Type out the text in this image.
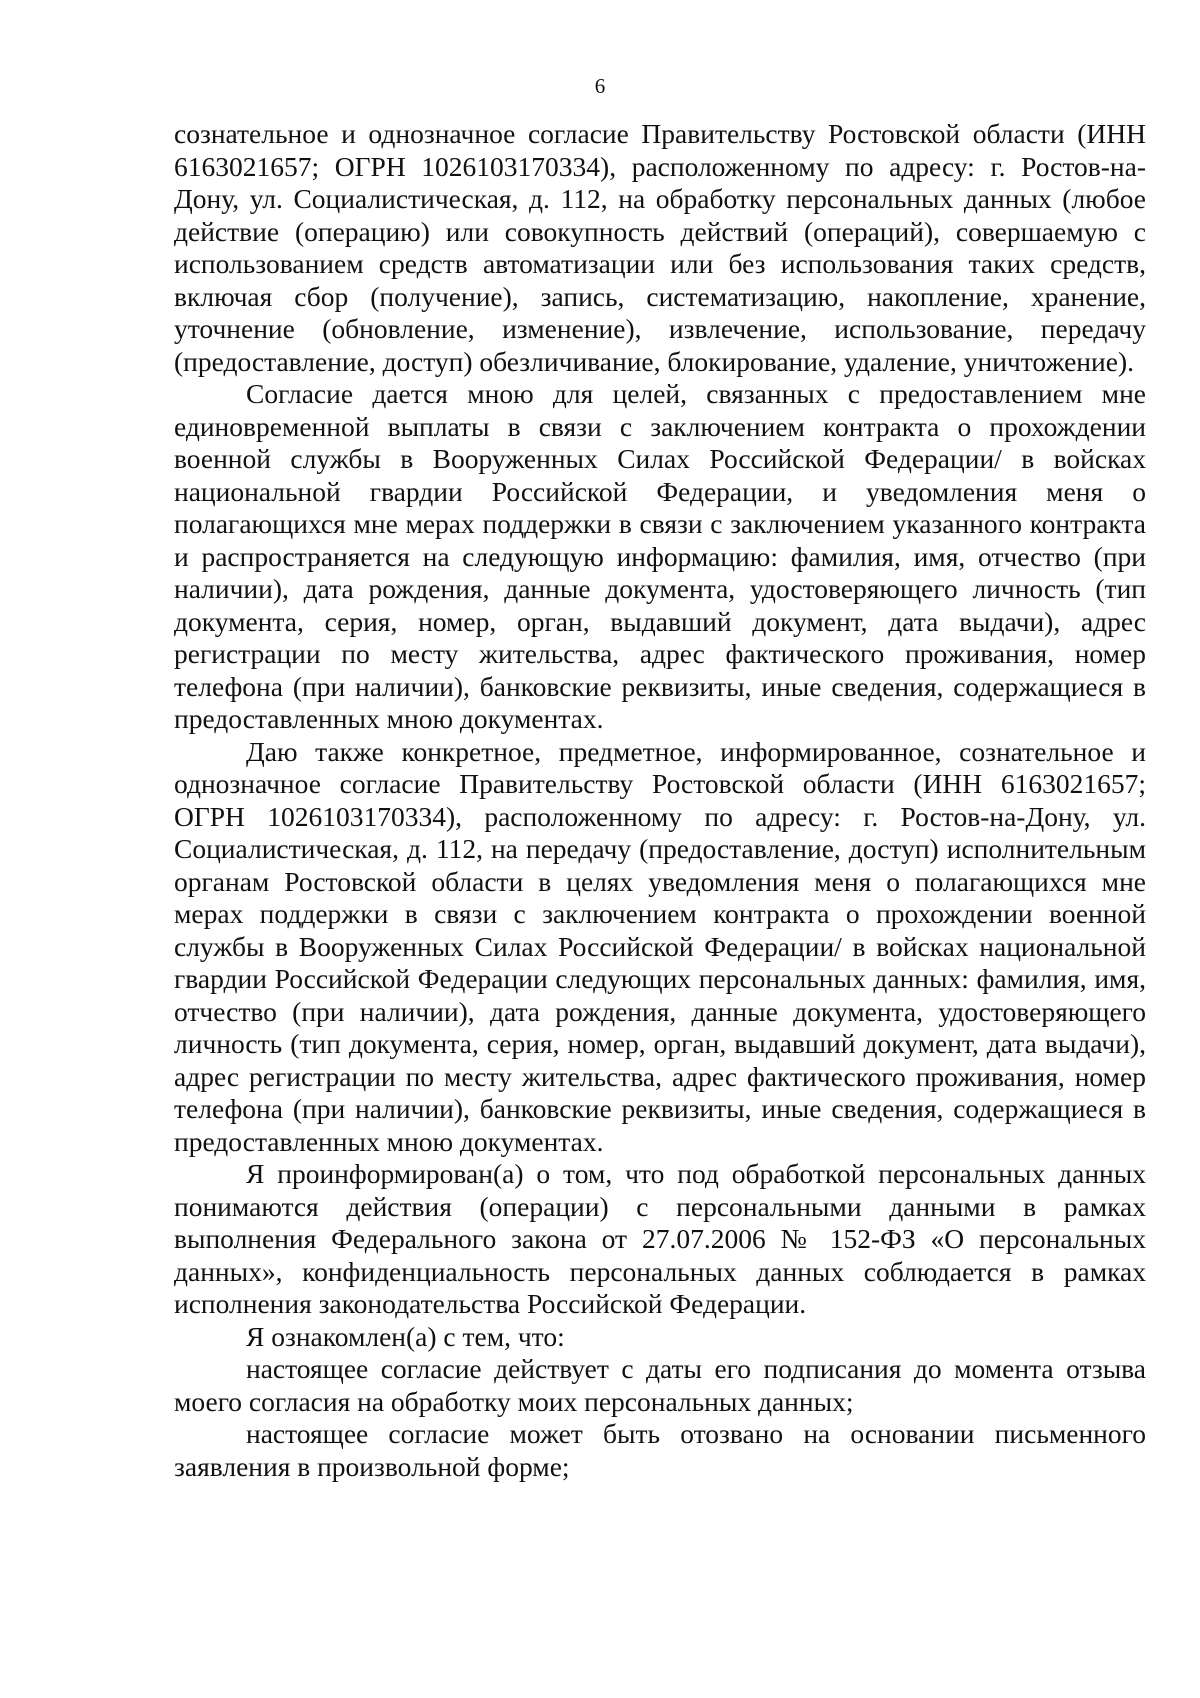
6

сознательное и однозначное согласие Правительству Ростовской области (ИНН 6163021657; ОГРН 1026103170334), расположенному по адресу: г. Ростов-на-Дону, ул. Социалистическая, д. 112, на обработку персональных данных (любое действие (операцию) или совокупность действий (операций), совершаемую с использованием средств автоматизации или без использования таких средств, включая сбор (получение), запись, систематизацию, накопление, хранение, уточнение (обновление, изменение), извлечение, использование, передачу (предоставление, доступ) обезличивание, блокирование, удаление, уничтожение).

Согласие дается мною для целей, связанных с предоставлением мне единовременной выплаты в связи с заключением контракта о прохождении военной службы в Вооруженных Силах Российской Федерации/ в войсках национальной гвардии Российской Федерации, и уведомления меня о полагающихся мне мерах поддержки в связи с заключением указанного контракта и распространяется на следующую информацию: фамилия, имя, отчество (при наличии), дата рождения, данные документа, удостоверяющего личность (тип документа, серия, номер, орган, выдавший документ, дата выдачи), адрес регистрации по месту жительства, адрес фактического проживания, номер телефона (при наличии), банковские реквизиты, иные сведения, содержащиеся в предоставленных мною документах.

Даю также конкретное, предметное, информированное, сознательное и однозначное согласие Правительству Ростовской области (ИНН 6163021657; ОГРН 1026103170334), расположенному по адресу: г. Ростов-на-Дону, ул. Социалистическая, д. 112, на передачу (предоставление, доступ) исполнительным органам Ростовской области в целях уведомления меня о полагающихся мне мерах поддержки в связи с заключением контракта о прохождении военной службы в Вооруженных Силах Российской Федерации/ в войсках национальной гвардии Российской Федерации следующих персональных данных: фамилия, имя, отчество (при наличии), дата рождения, данные документа, удостоверяющего личность (тип документа, серия, номер, орган, выдавший документ, дата выдачи), адрес регистрации по месту жительства, адрес фактического проживания, номер телефона (при наличии), банковские реквизиты, иные сведения, содержащиеся в предоставленных мною документах.

Я проинформирован(а) о том, что под обработкой персональных данных понимаются действия (операции) с персональными данными в рамках выполнения Федерального закона от 27.07.2006 № 152-ФЗ «О персональных данных», конфиденциальность персональных данных соблюдается в рамках исполнения законодательства Российской Федерации.

Я ознакомлен(а) с тем, что:

настоящее согласие действует с даты его подписания до момента отзыва моего согласия на обработку моих персональных данных;

настоящее согласие может быть отозвано на основании письменного заявления в произвольной форме;
